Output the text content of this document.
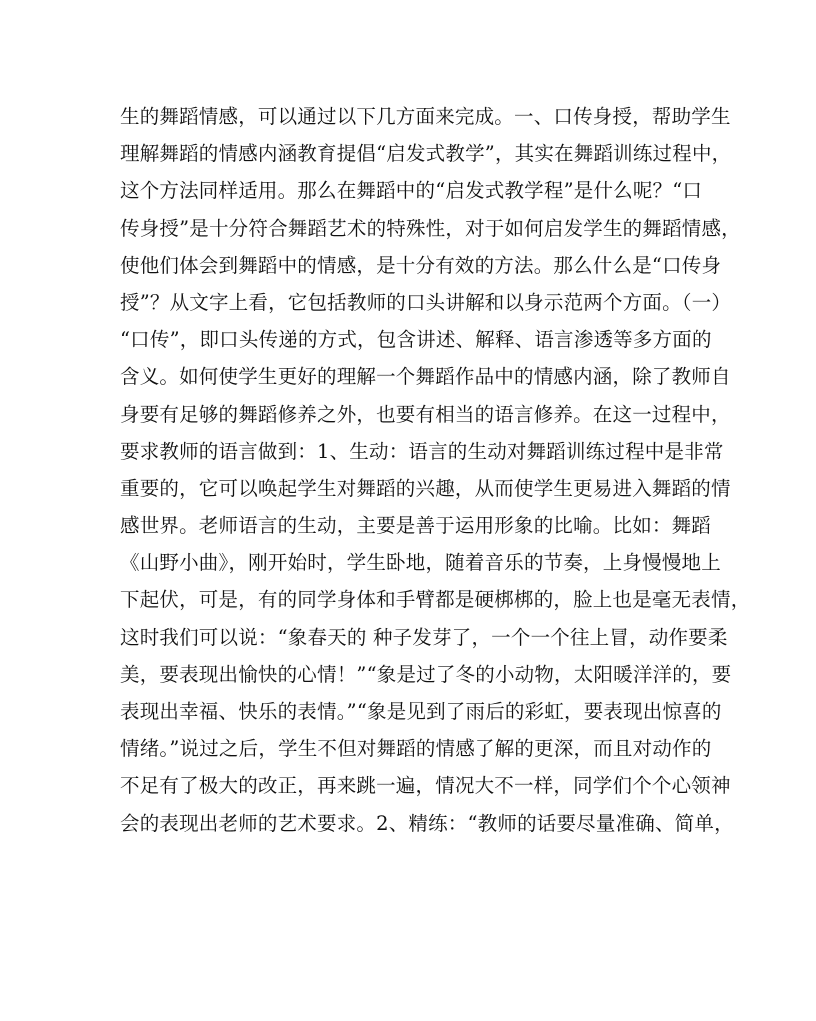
生的舞蹈情感，可以通过以下几方面来完成。一、口传身授，帮助学生
理解舞蹈的情感内涵教育提倡“启发式教学”，其实在舞蹈训练过程中，
这个方法同样适用。那么在舞蹈中的“启发式教学程”是什么呢？“口
传身授”是十分符合舞蹈艺术的特殊性，对于如何启发学生的舞蹈情感，
使他们体会到舞蹈中的情感，是十分有效的方法。那么什么是“口传身
授”？从文字上看，它包括教师的口头讲解和以身示范两个方面。（一）
“口传”，即口头传递的方式，包含讲述、解释、语言渗透等多方面的
含义。如何使学生更好的理解一个舞蹈作品中的情感内涵，除了教师自
身要有足够的舞蹈修养之外，也要有相当的语言修养。在这一过程中，
要求教师的语言做到：1、生动：语言的生动对舞蹈训练过程中是非常
重要的，它可以唤起学生对舞蹈的兴趣，从而使学生更易进入舞蹈的情
感世界。老师语言的生动，主要是善于运用形象的比喻。比如：舞蹈
《山野小曲》，刚开始时，学生卧地，随着音乐的节奏，上身慢慢地上
下起伏，可是，有的同学身体和手臂都是硬梆梆的，脸上也是毫无表情，
这时我们可以说：“象春天的 种子发芽了，一个一个往上冒，动作要柔
美，要表现出愉快的心情！”“象是过了冬的小动物，太阳暖洋洋的，要
表现出幸福、快乐的表情。”“象是见到了雨后的彩虹，要表现出惊喜的
情绪。”说过之后，学生不但对舞蹈的情感了解的更深，而且对动作的
不足有了极大的改正，再来跳一遍，情况大不一样，同学们个个心领神
会的表现出老师的艺术要求。2、精练：“教师的话要尽量准确、简单，
